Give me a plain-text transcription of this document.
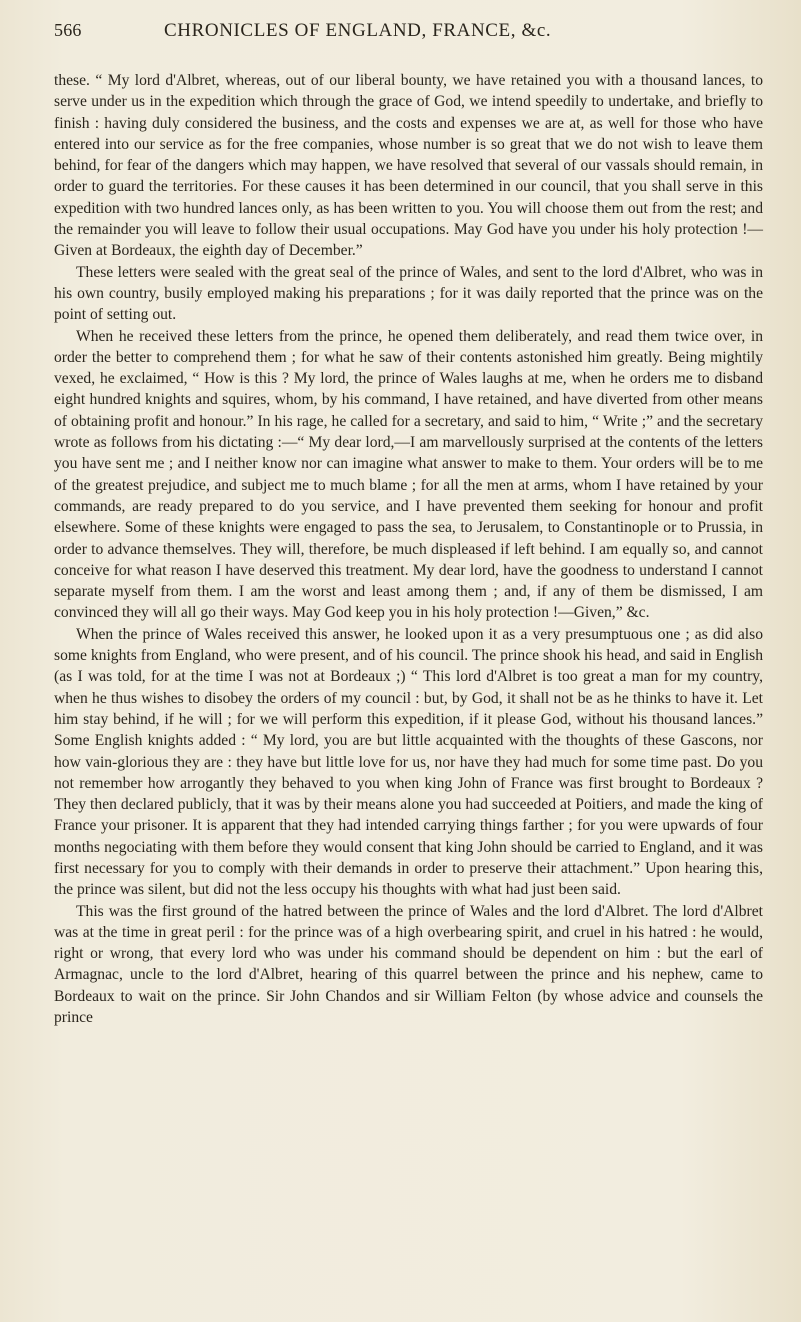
566	CHRONICLES OF ENGLAND, FRANCE, &c.

these. “ My lord d'Albret, whereas, out of our liberal bounty, we have retained you with a thousand lances, to serve under us in the expedition which through the grace of God, we intend speedily to undertake, and briefly to finish : having duly considered the business, and the costs and expenses we are at, as well for those who have entered into our service as for the free companies, whose number is so great that we do not wish to leave them behind, for fear of the dangers which may happen, we have resolved that several of our vassals should remain, in order to guard the territories. For these causes it has been determined in our council, that you shall serve in this expedition with two hundred lances only, as has been written to you. You will choose them out from the rest; and the remainder you will leave to follow their usual occupations. May God have you under his holy protection !—Given at Bordeaux, the eighth day of December.”

These letters were sealed with the great seal of the prince of Wales, and sent to the lord d'Albret, who was in his own country, busily employed making his preparations ; for it was daily reported that the prince was on the point of setting out.

When he received these letters from the prince, he opened them deliberately, and read them twice over, in order the better to comprehend them ; for what he saw of their contents astonished him greatly. Being mightily vexed, he exclaimed, “ How is this ? My lord, the prince of Wales laughs at me, when he orders me to disband eight hundred knights and squires, whom, by his command, I have retained, and have diverted from other means of obtaining profit and honour.” In his rage, he called for a secretary, and said to him, “ Write ;” and the secretary wrote as follows from his dictating :—“ My dear lord,—I am marvellously surprised at the contents of the letters you have sent me ; and I neither know nor can imagine what answer to make to them. Your orders will be to me of the greatest prejudice, and subject me to much blame ; for all the men at arms, whom I have retained by your commands, are ready prepared to do you service, and I have prevented them seeking for honour and profit elsewhere. Some of these knights were engaged to pass the sea, to Jerusalem, to Constantinople or to Prussia, in order to advance themselves. They will, therefore, be much displeased if left behind. I am equally so, and cannot conceive for what reason I have deserved this treatment. My dear lord, have the goodness to understand I cannot separate myself from them. I am the worst and least among them ; and, if any of them be dismissed, I am convinced they will all go their ways. May God keep you in his holy protection !—Given,” &c.

When the prince of Wales received this answer, he looked upon it as a very presumptuous one ; as did also some knights from England, who were present, and of his council. The prince shook his head, and said in English (as I was told, for at the time I was not at Bordeaux ;) “ This lord d'Albret is too great a man for my country, when he thus wishes to disobey the orders of my council : but, by God, it shall not be as he thinks to have it. Let him stay behind, if he will ; for we will perform this expedition, if it please God, without his thousand lances.” Some English knights added : “ My lord, you are but little acquainted with the thoughts of these Gascons, nor how vain-glorious they are : they have but little love for us, nor have they had much for some time past. Do you not remember how arrogantly they behaved to you when king John of France was first brought to Bordeaux ? They then declared publicly, that it was by their means alone you had succeeded at Poitiers, and made the king of France your prisoner. It is apparent that they had intended carrying things farther ; for you were upwards of four months negociating with them before they would consent that king John should be carried to England, and it was first necessary for you to comply with their demands in order to preserve their attachment.” Upon hearing this, the prince was silent, but did not the less occupy his thoughts with what had just been said.

This was the first ground of the hatred between the prince of Wales and the lord d'Albret. The lord d'Albret was at the time in great peril : for the prince was of a high overbearing spirit, and cruel in his hatred : he would, right or wrong, that every lord who was under his command should be dependent on him : but the earl of Armagnac, uncle to the lord d'Albret, hearing of this quarrel between the prince and his nephew, came to Bordeaux to wait on the prince. Sir John Chandos and sir William Felton (by whose advice and counsels the prince
